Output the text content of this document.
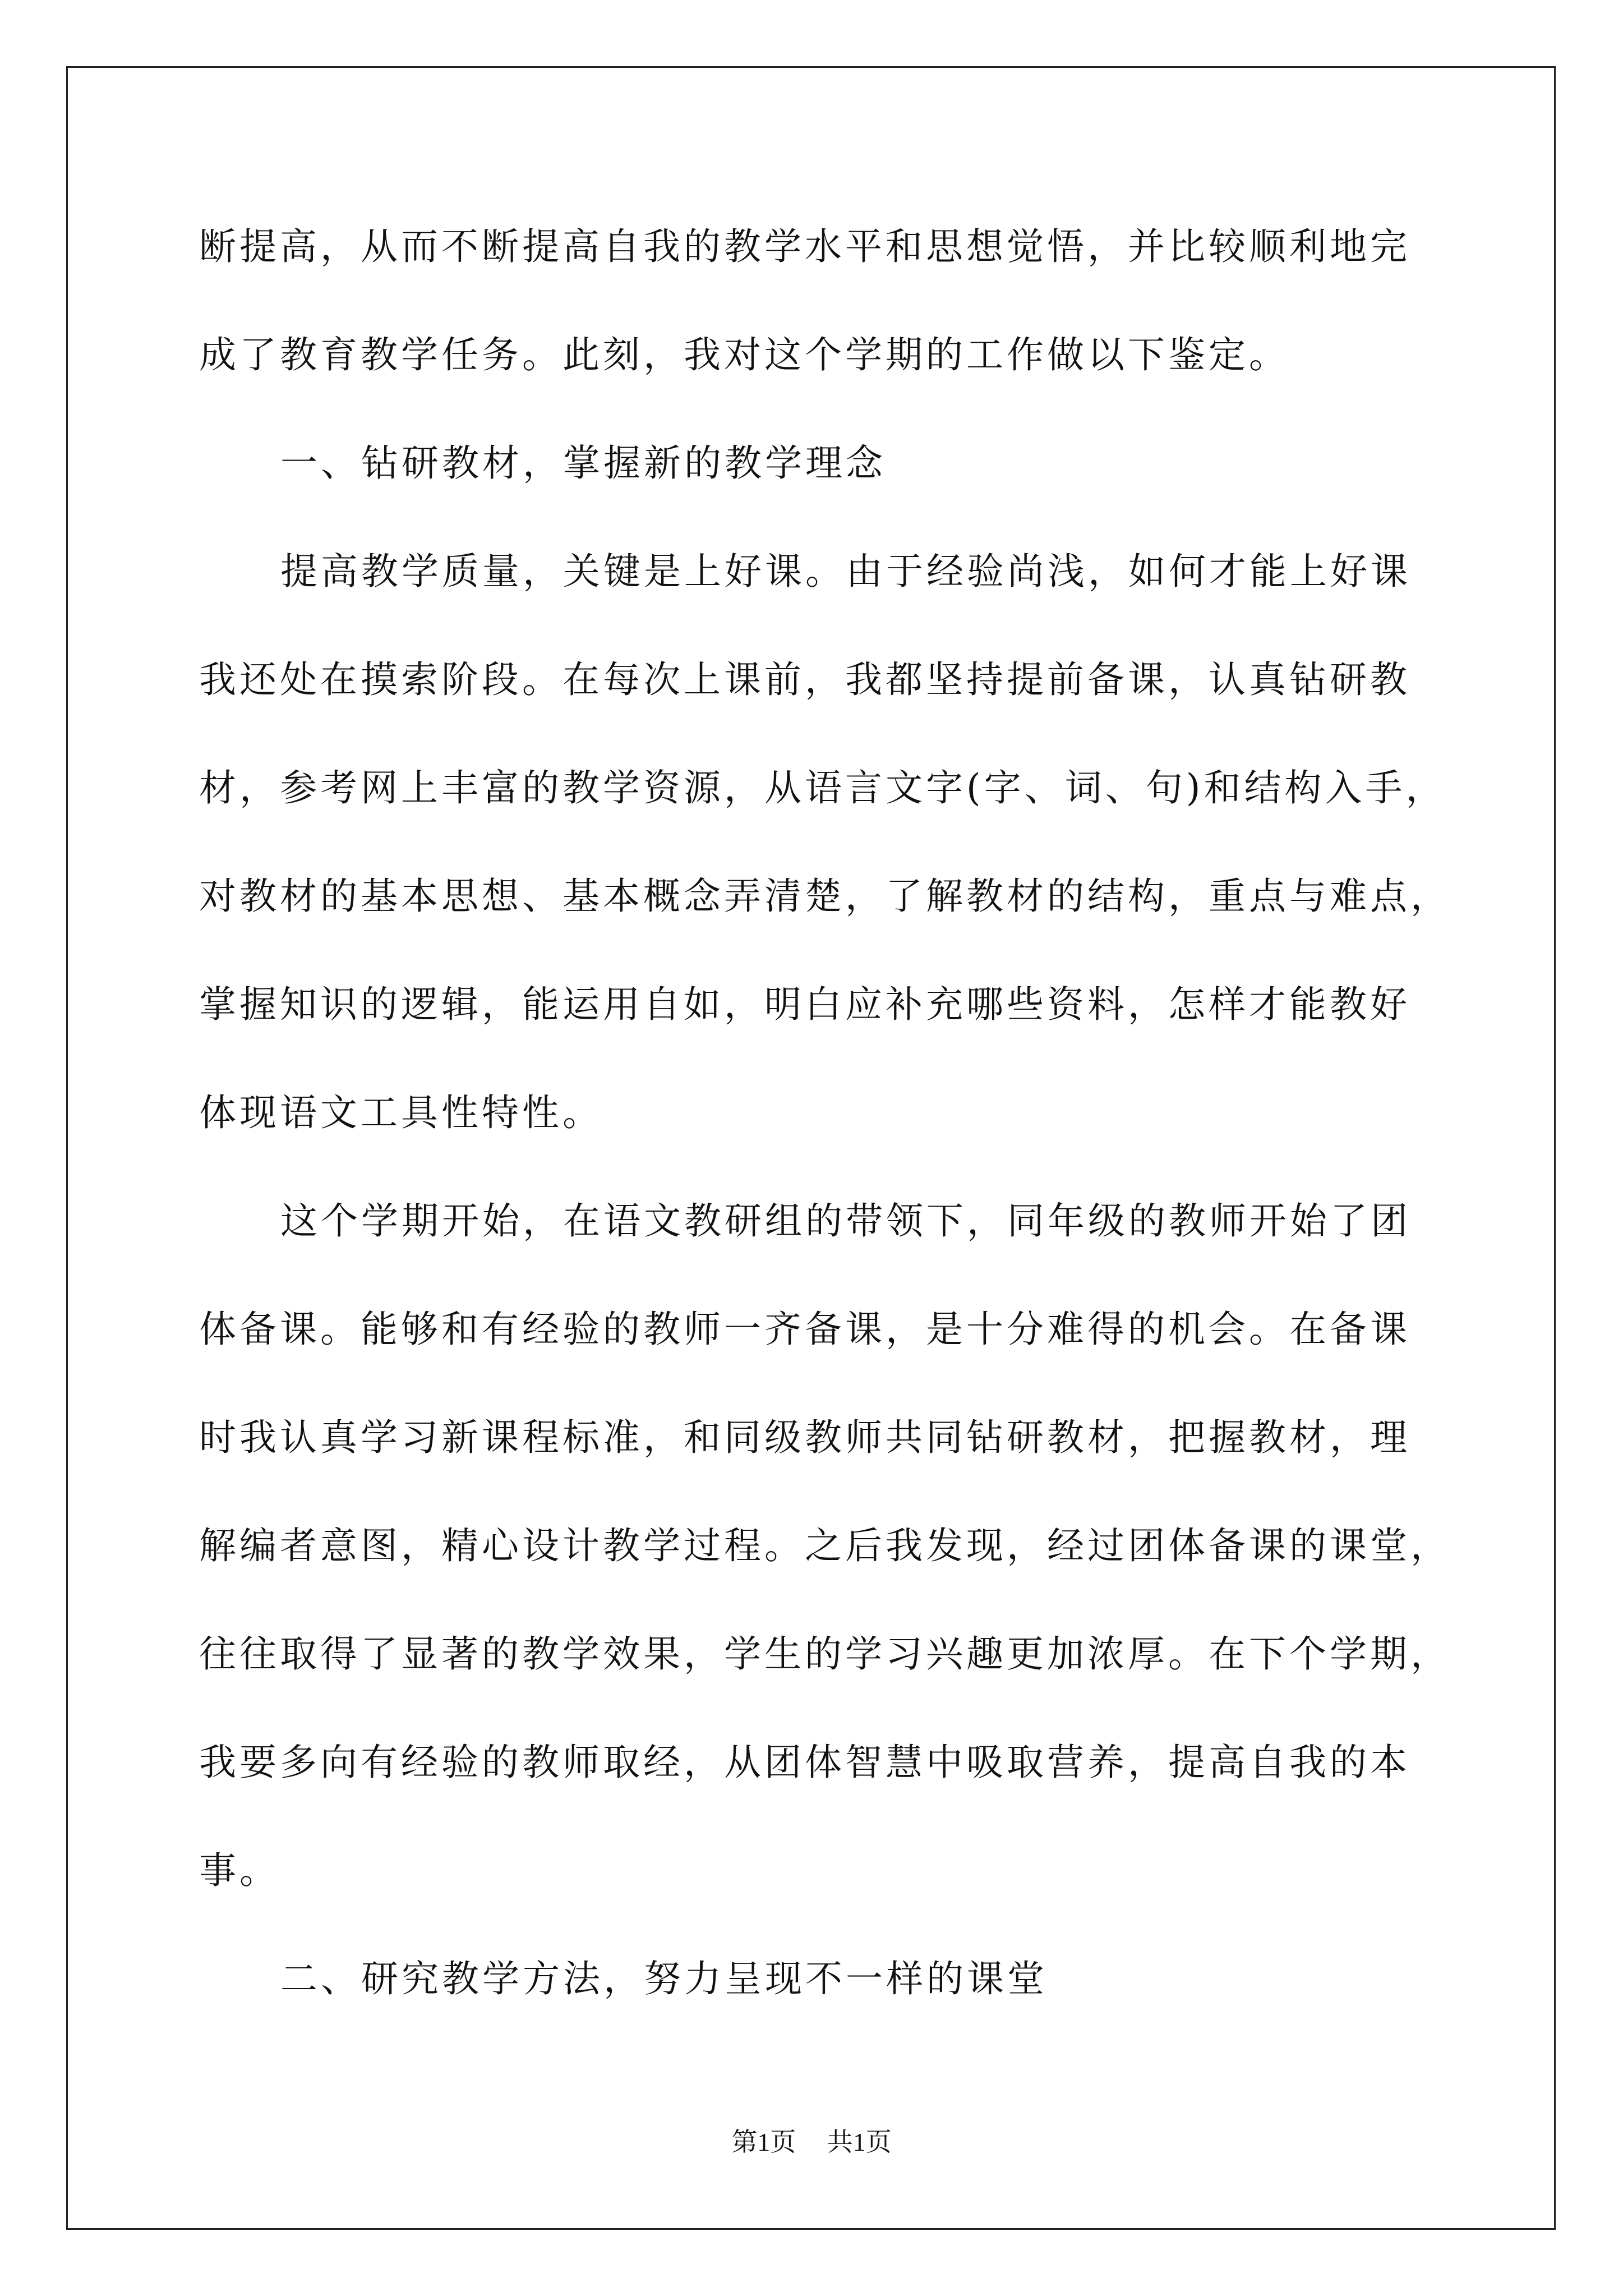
断提高，从而不断提高自我的教学水平和思想觉悟，并比较顺利地完
成了教育教学任务。此刻，我对这个学期的工作做以下鉴定。
一、钻研教材，掌握新的教学理念
提高教学质量，关键是上好课。由于经验尚浅，如何才能上好课
我还处在摸索阶段。在每次上课前，我都坚持提前备课，认真钻研教
材，参考网上丰富的教学资源，从语言文字(字、词、句)和结构入手，
对教材的基本思想、基本概念弄清楚，了解教材的结构，重点与难点，
掌握知识的逻辑，能运用自如，明白应补充哪些资料，怎样才能教好
体现语文工具性特性。
这个学期开始，在语文教研组的带领下，同年级的教师开始了团
体备课。能够和有经验的教师一齐备课，是十分难得的机会。在备课
时我认真学习新课程标准，和同级教师共同钻研教材，把握教材，理
解编者意图，精心设计教学过程。之后我发现，经过团体备课的课堂，
往往取得了显著的教学效果，学生的学习兴趣更加浓厚。在下个学期，
我要多向有经验的教师取经，从团体智慧中吸取营养，提高自我的本
事。
二、研究教学方法，努力呈现不一样的课堂
第1页 共1页
